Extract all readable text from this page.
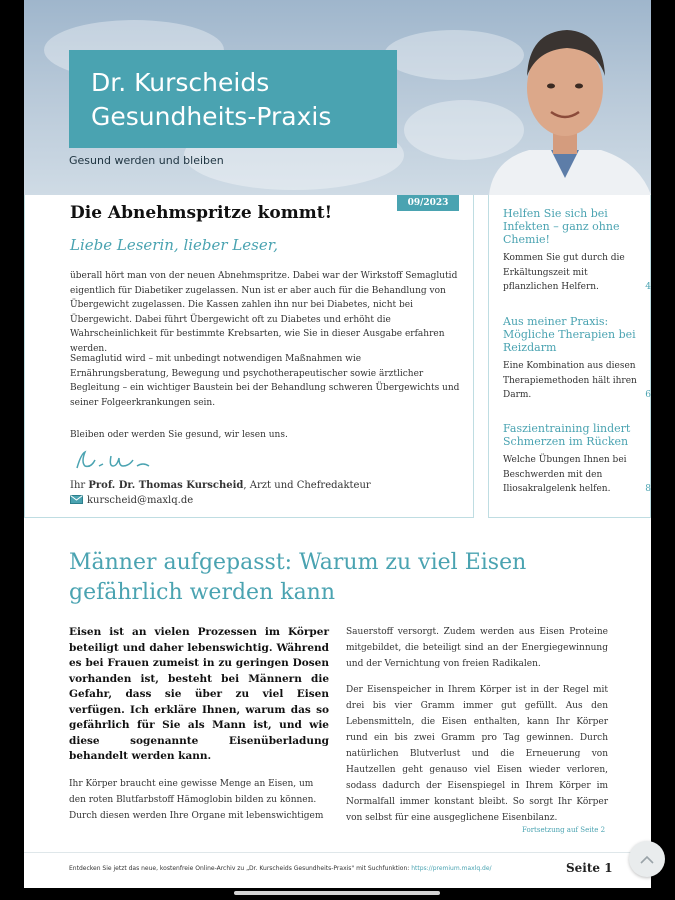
Dr. Kurscheids
Gesundheits-Praxis
Gesund werden und bleiben
09/2023
Die Abnehmspritze kommt!
Liebe Leserin, lieber Leser,

überall hört man von der neuen Abnehmspritze. Dabei war der Wirkstoff Semaglutid eigentlich für Diabetiker zugelassen. Nun ist er aber auch für die Behandlung von Übergewicht zugelassen. Die Kassen zahlen ihn nur bei Diabetes, nicht bei Übergewicht. Dabei führt Übergewicht oft zu Diabetes und erhöht die Wahrscheinlichkeit für bestimmte Krebsarten, wie Sie in dieser Ausgabe erfahren werden.

Semaglutid wird – mit unbedingt notwendigen Maßnahmen wie Ernährungsberatung, Bewegung und psychotherapeutischer sowie ärztlicher Begleitung – ein wichtiger Baustein bei der Behandlung schweren Übergewichts und seiner Folgeerkrankungen sein.

Bleiben oder werden Sie gesund, wir lesen uns.

Ihr Prof. Dr. Thomas Kurscheid, Arzt und Chefredakteur
kurscheid@maxlq.de
Helfen Sie sich bei Infekten – ganz ohne Chemie!
Kommen Sie gut durch die Erkältungszeit mit pflanzlichen Helfern.	4
Aus meiner Praxis: Mögliche Therapien bei Reizdarm
Eine Kombination aus diesen Therapiemethoden hält ihren Darm.	6
Faszientraining lindert Schmerzen im Rücken
Welche Übungen Ihnen bei Beschwerden mit den Iliosakralgelenk helfen.	8
Männer aufgepasst: Warum zu viel Eisen gefährlich werden kann

Eisen ist an vielen Prozessen im Körper beteiligt und daher lebenswichtig. Während es bei Frauen zumeist in zu geringen Dosen vorhanden ist, besteht bei Männern die Gefahr, dass sie über zu viel Eisen verfügen. Ich erkläre Ihnen, warum das so gefährlich für Sie als Mann ist, und wie diese sogenannte Eisenüberladung behandelt werden kann.

Ihr Körper braucht eine gewisse Menge an Eisen, um den roten Blutfarbstoff Hämoglobin bilden zu können. Durch diesen werden Ihre Organe mit lebenswichtigem

Sauerstoff versorgt. Zudem werden aus Eisen Proteine mitgebildet, die beteiligt sind an der Energiegewinnung und der Vernichtung von freien Radikalen.

Der Eisenspeicher in Ihrem Körper ist in der Regel mit drei bis vier Gramm immer gut gefüllt. Aus den Lebensmitteln, die Eisen enthalten, kann Ihr Körper rund ein bis zwei Gramm pro Tag gewinnen. Durch natürlichen Blutverlust und die Erneuerung von Hautzellen geht genauso viel Eisen wieder verloren, sodass dadurch der Eisenspiegel in Ihrem Körper im Normalfall immer konstant bleibt. So sorgt Ihr Körper von selbst für eine ausgeglichene Eisenbilanz.

Fortsetzung auf Seite 2
Entdecken Sie jetzt das neue, kostenfreie Online-Archiv zu „Dr. Kurscheids Gesundheits-Praxis" mit Suchfunktion: https://premium.maxlq.de/	Seite 1
